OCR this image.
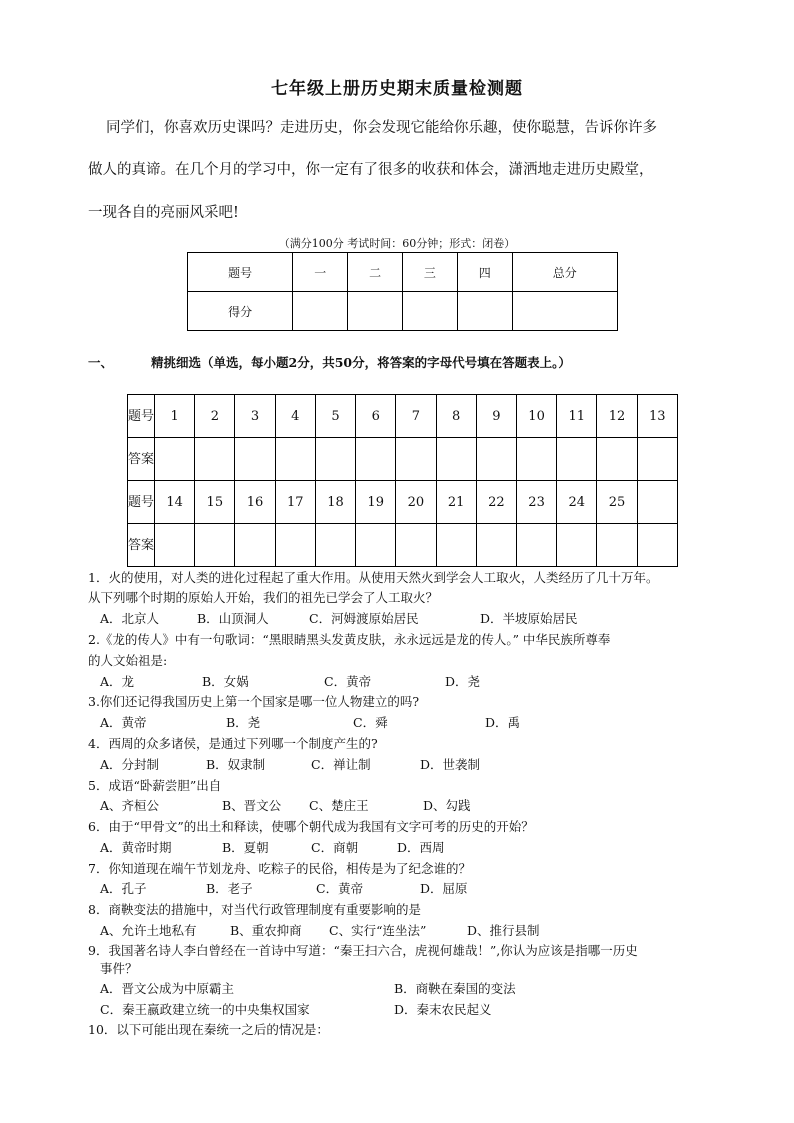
七年级上册历史期末质量检测题
同学们，你喜欢历史课吗？走进历史，你会发现它能给你乐趣，使你聪慧，告诉你许多
做人的真谛。在几个月的学习中，你一定有了很多的收获和体会，潇洒地走进历史殿堂，
一现各自的亮丽风采吧!
（满分100分 考试时间：60分钟；形式：闭卷）
题号	一	二	三	四	总分
得分					
一、	精挑细选（单选，每小题2分，共50分，将答案的字母代号填在答题表上。）
题号	1	2	3	4	5	6	7	8	9	10	11	12	13
答案													
题号	14	15	16	17	18	19	20	21	22	23	24	25	
答案													
1．火的使用，对人类的进化过程起了重大作用。从使用天然火到学会人工取火，人类经历了几十万年。
从下列哪个时期的原始人开始，我们的祖先已学会了人工取火？
A．北京人	B．山顶洞人	C．河姆渡原始居民	D．半坡原始居民
2.《龙的传人》中有一句歌词：“黑眼睛黑头发黄皮肤，永永远远是龙的传人。” 中华民族所尊奉
的人文始祖是:
A．龙	B．女娲	C．黄帝	D．尧
3.你们还记得我国历史上第一个国家是哪一位人物建立的吗?
A．黄帝	B．尧	C．舜	D．禹
4．西周的众多诸侯，是通过下列哪一个制度产生的?
A．分封制	B．奴隶制	C．禅让制	D．世袭制
5．成语“卧薪尝胆”出自
A、齐桓公	B、晋文公 C、楚庄王	D、勾践
6．由于“甲骨文”的出土和释读，使哪个朝代成为我国有文字可考的历史的开始？
A．黄帝时期	B．夏朝	C．商朝	D．西周
7．你知道现在端午节划龙舟、吃粽子的民俗，相传是为了纪念谁的？
A．孔子	B．老子	C．黄帝	D．屈原
8．商鞅变法的措施中，对当代行政管理制度有重要影响的是
A、允许土地私有	B、重农抑商 C、实行“连坐法”	D、推行县制
9．我国著名诗人李白曾经在一首诗中写道：“秦王扫六合，虎视何雄哉！”,你认为应该是指哪一历史
事件？
A．晋文公成为中原霸主	B．商鞅在秦国的变法
C．秦王嬴政建立统一的中央集权国家	D．秦末农民起义
10．以下可能出现在秦统一之后的情况是：
